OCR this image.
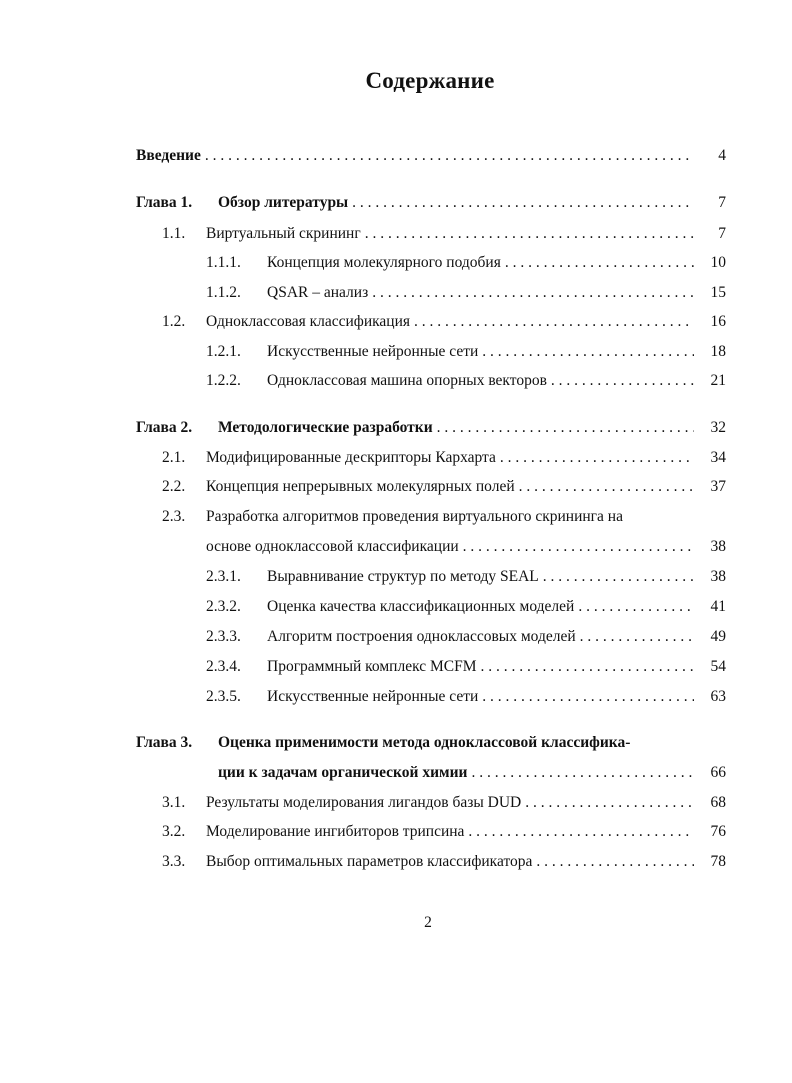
Содержание
Введение . . .	4
Глава 1.	Обзор литературы . . .	7
1.1.	Виртуальный скрининг . . .	7
1.1.1.	Концепция молекулярного подобия . . .	10
1.1.2.	QSAR – анализ . . .	15
1.2.	Одноклассовая классификация . . .	16
1.2.1.	Искусственные нейронные сети . . .	18
1.2.2.	Одноклассовая машина опорных векторов . . .	21
Глава 2.	Методологические разработки . . .	32
2.1.	Модифицированные дескрипторы Кархарта . . .	34
2.2.	Концепция непрерывных молекулярных полей . . .	37
2.3. Разработка алгоритмов проведения виртуального скрининга на
основе одноклассовой классификации . . .	38
2.3.1.	Выравнивание структур по методу SEAL . . .	38
2.3.2.	Оценка качества классификационных моделей . . .	41
2.3.3.	Алгоритм построения одноклассовых моделей . . .	49
2.3.4.	Программный комплекс MCFM . . .	54
2.3.5.	Искусственные нейронные сети . . .	63
Глава 3. Оценка применимости метода одноклассовой классифика-
ции к задачам органической химии . . .	66
3.1.	Результаты моделирования лигандов базы DUD . . .	68
3.2.	Моделирование ингибиторов трипсина . . .	76
3.3.	Выбор оптимальных параметров классификатора . . .	78
2
